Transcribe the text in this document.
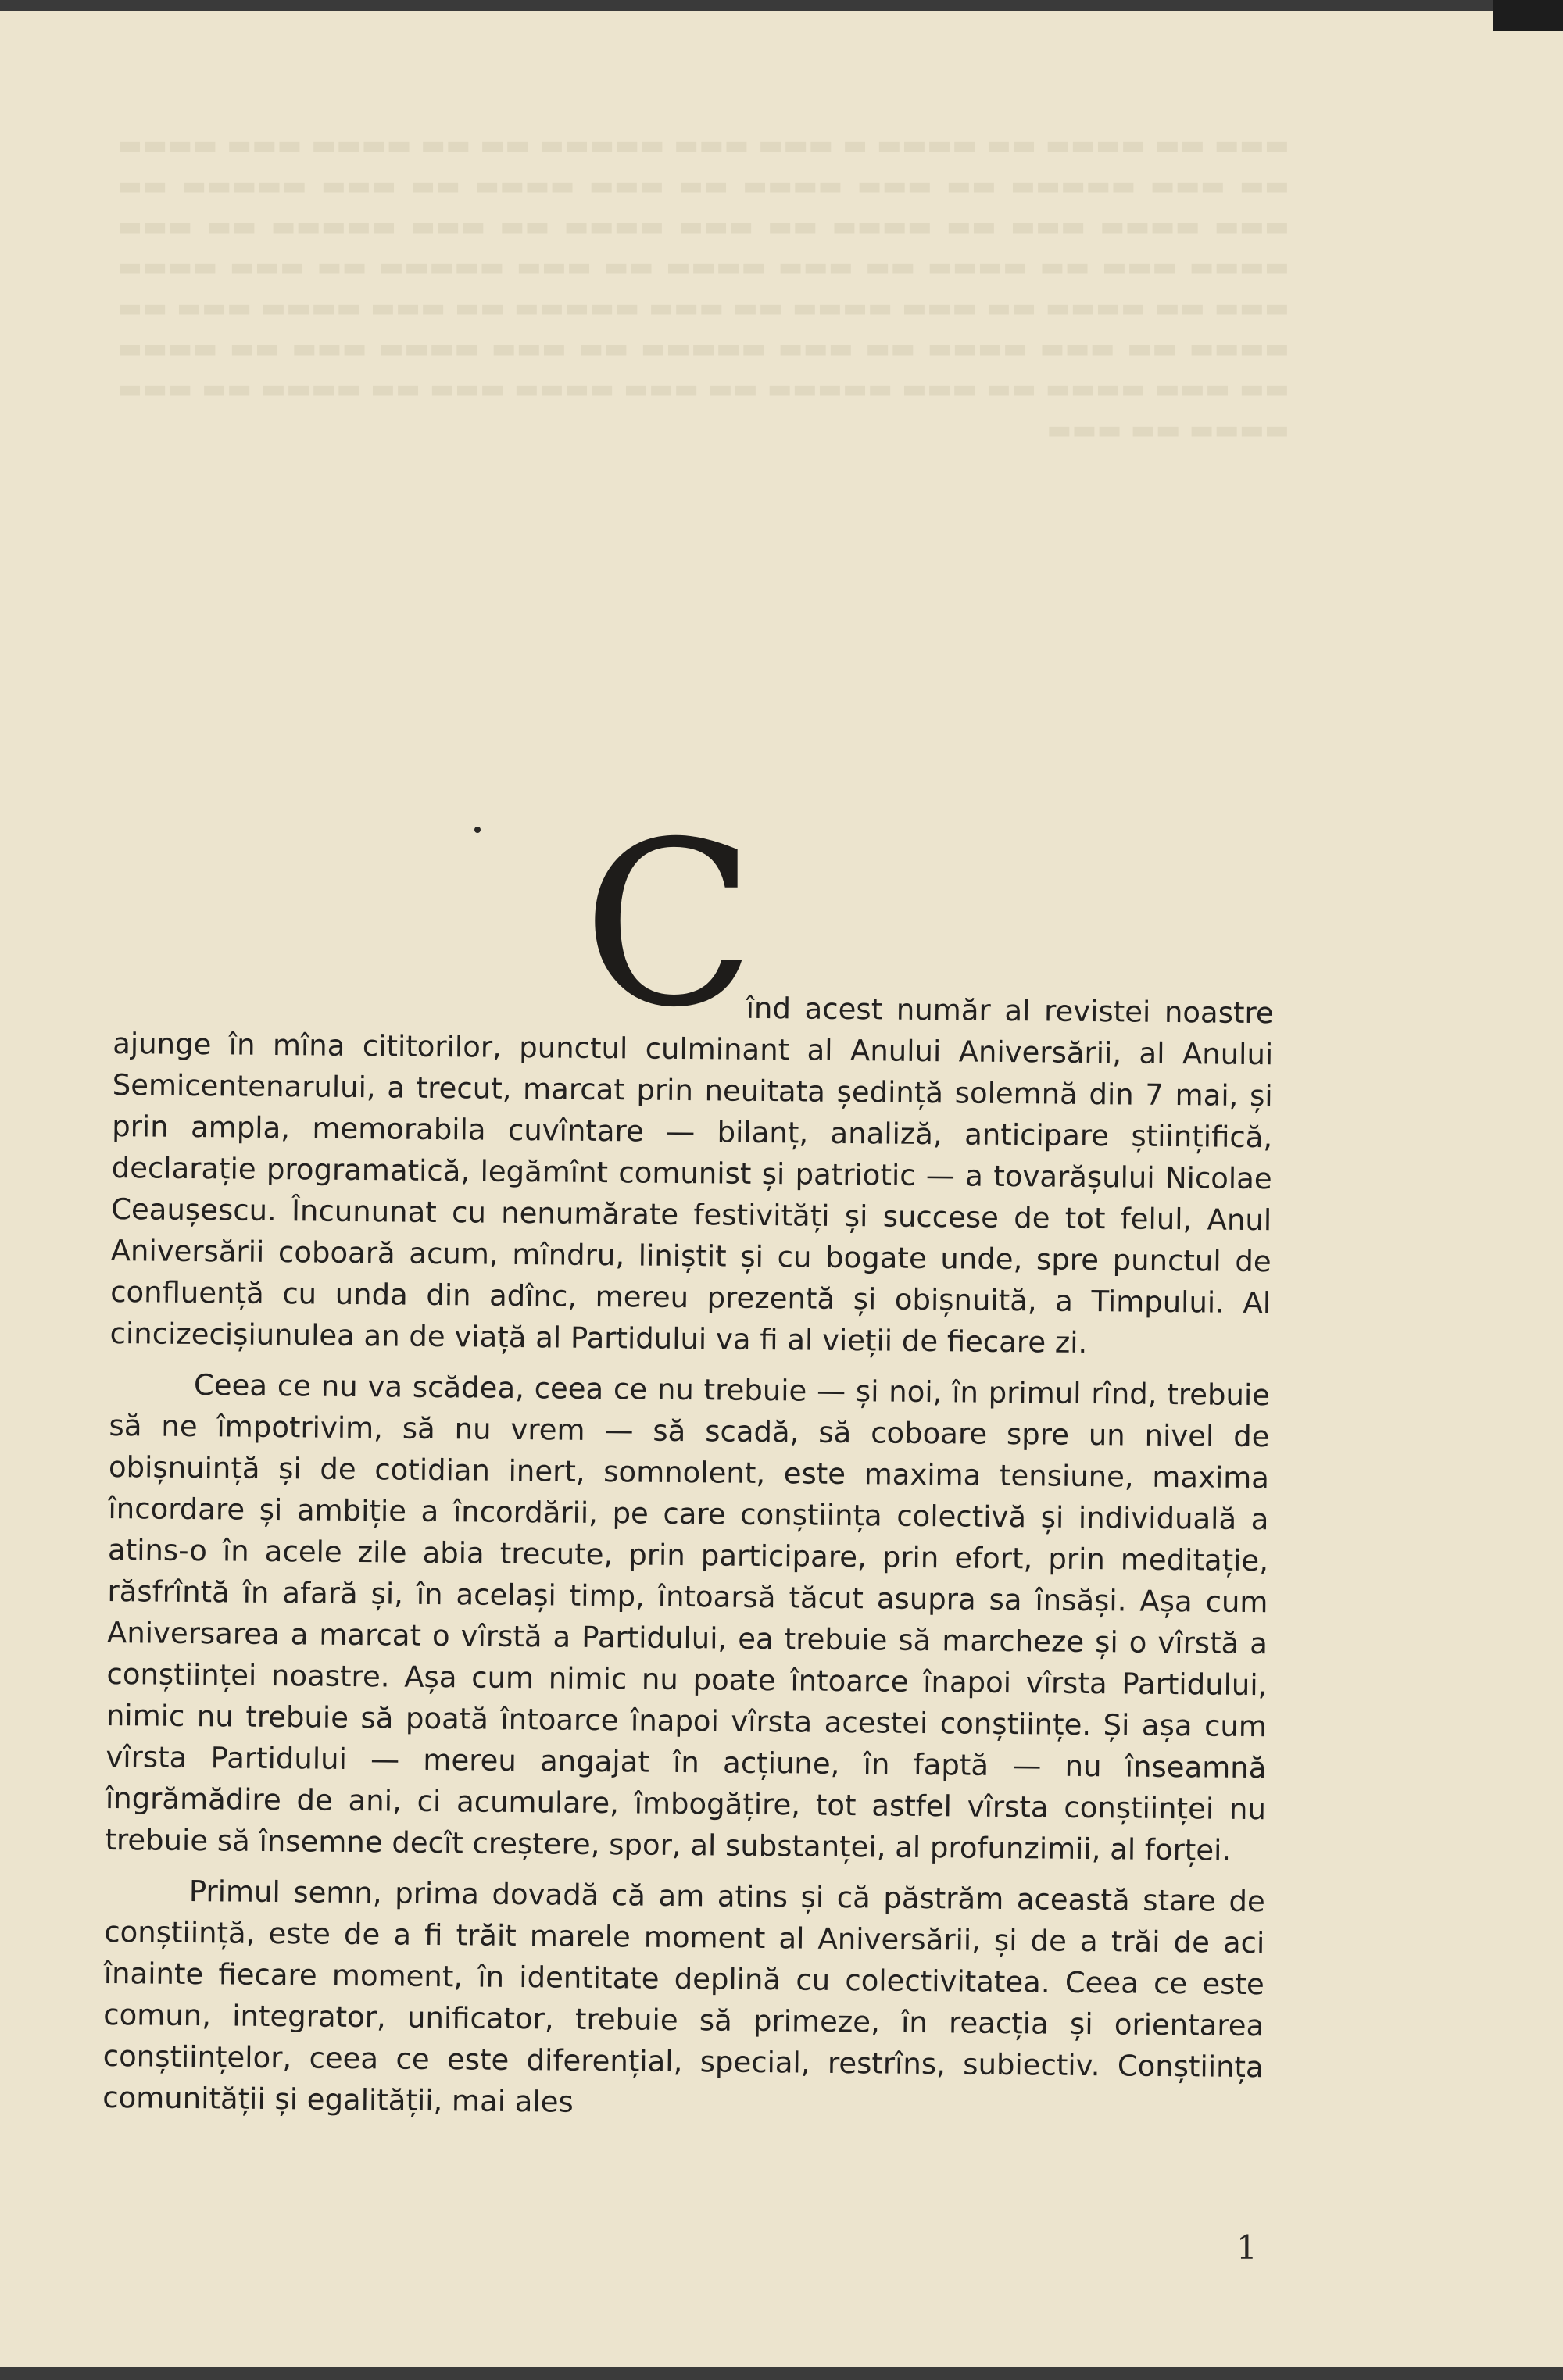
▬▬▬ ▬▬ ▬▬▬▬ ▬▬ ▬▬▬▬ ▬ ▬▬▬ ▬▬▬ ▬▬▬▬▬ ▬▬ ▬▬ ▬▬▬▬ ▬▬▬ ▬▬▬▬ ▬▬ ▬▬▬ ▬▬▬▬▬ ▬▬ ▬▬▬ ▬▬▬▬ ▬▬ ▬▬▬ ▬▬▬▬ ▬▬ ▬▬▬ ▬▬▬▬▬ ▬▬ ▬▬▬ ▬▬▬▬ ▬▬▬ ▬▬ ▬▬▬▬ ▬▬ ▬▬▬ ▬▬▬▬ ▬▬ ▬▬▬ ▬▬▬▬▬ ▬▬ ▬▬▬ ▬▬▬▬ ▬▬▬ ▬▬ ▬▬▬▬ ▬▬ ▬▬▬ ▬▬▬▬ ▬▬ ▬▬▬ ▬▬▬▬▬ ▬▬ ▬▬▬ ▬▬▬▬ ▬▬▬ ▬▬ ▬▬▬▬ ▬▬ ▬▬▬ ▬▬▬▬ ▬▬ ▬▬▬ ▬▬▬▬▬ ▬▬ ▬▬▬ ▬▬▬▬ ▬▬▬ ▬▬ ▬▬▬▬ ▬▬ ▬▬▬ ▬▬▬▬ ▬▬ ▬▬▬ ▬▬▬▬▬ ▬▬ ▬▬▬ ▬▬▬▬ ▬▬▬ ▬▬ ▬▬▬▬ ▬▬ ▬▬▬ ▬▬▬▬ ▬▬ ▬▬▬ ▬▬▬▬▬ ▬▬ ▬▬▬ ▬▬▬▬ ▬▬▬ ▬▬ ▬▬▬▬ ▬▬ ▬▬▬ ▬▬▬▬ ▬▬ ▬▬▬
C

înd acest număr al revistei noastre ajunge în mîna cititorilor, punctul culminant al Anului Aniversării, al Anului Semicentenarului, a trecut, marcat prin neuitata ședință solemnă din 7 mai, și prin ampla, memorabila cuvîntare — bilanț, analiză, anticipare științifică, declarație programatică, legămînt comunist și patriotic — a tovarășului Nicolae Ceaușescu. Încununat cu nenumărate festivități și succese de tot felul, Anul Aniversării coboară acum, mîndru, liniștit și cu bogate unde, spre punctul de confluență cu unda din adînc, mereu prezentă și obișnuită, a Timpului. Al cincizecișiunulea an de viață al Partidului va fi al vieții de fiecare zi.

Ceea ce nu va scădea, ceea ce nu trebuie — și noi, în primul rînd, trebuie să ne împotrivim, să nu vrem — să scadă, să coboare spre un nivel de obișnuință și de cotidian inert, somnolent, este maxima tensiune, maxima încordare și ambiție a încordării, pe care conștiința colectivă și individuală a atins-o în acele zile abia trecute, prin participare, prin efort, prin meditație, răsfrîntă în afară și, în același timp, întoarsă tăcut asupra sa însăși. Așa cum Aniversarea a marcat o vîrstă a Partidului, ea trebuie să marcheze și o vîrstă a conștiinței noastre. Așa cum nimic nu poate întoarce înapoi vîrsta Partidului, nimic nu trebuie să poată întoarce înapoi vîrsta acestei conștiințe. Și așa cum vîrsta Partidului — mereu angajat în acțiune, în faptă — nu înseamnă îngrămădire de ani, ci acumulare, îmbogățire, tot astfel vîrsta conștiinței nu trebuie să însemne decît creștere, spor, al substanței, al profunzimii, al forței.

Primul semn, prima dovadă că am atins și că păstrăm această stare de conștiință, este de a fi trăit marele moment al Aniversării, și de a trăi de aci înainte fiecare moment, în identitate deplină cu colectivitatea. Ceea ce este comun, integrator, unificator, trebuie să primeze, în reacția și orientarea conștiințelor, ceea ce este diferențial, special, restrîns, subiectiv. Conștiința comunității și egalității, mai ales

1
